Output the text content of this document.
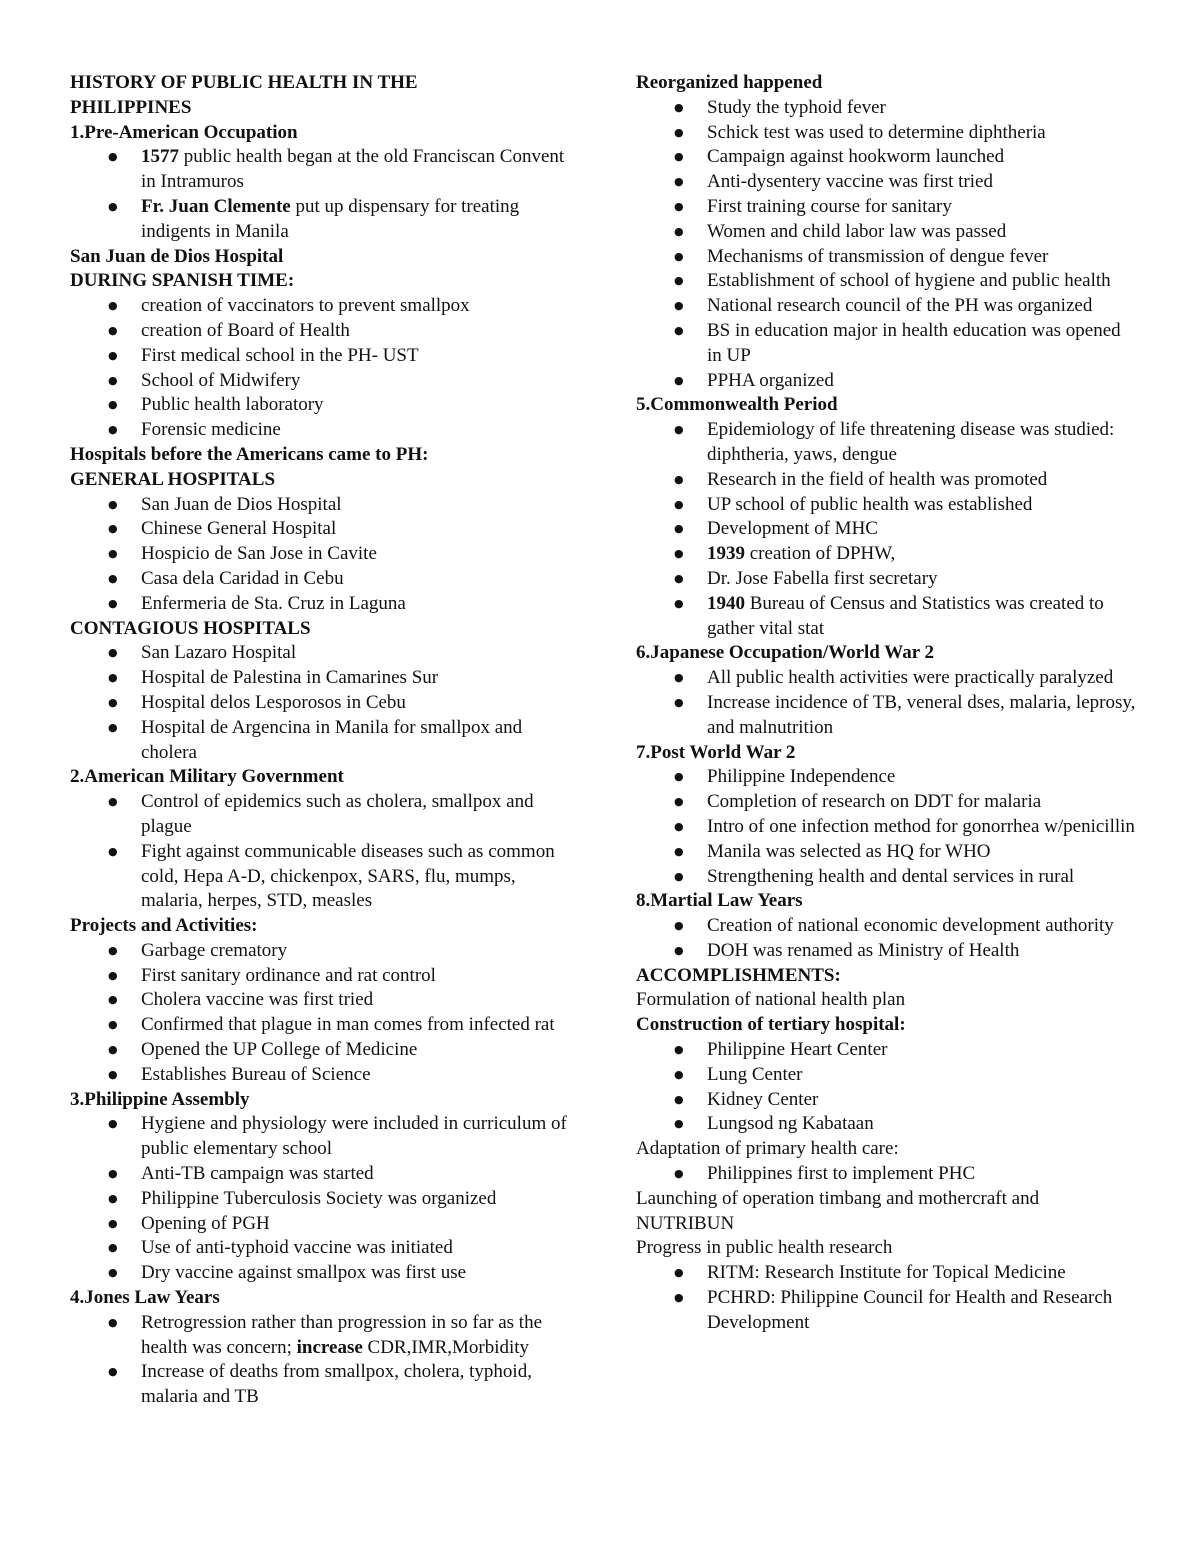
HISTORY OF PUBLIC HEALTH IN THE PHILIPPINES
1.Pre-American Occupation
● 1577 public health began at the old Franciscan Convent in Intramuros
● Fr. Juan Clemente put up dispensary for treating indigents in Manila
San Juan de Dios Hospital
DURING SPANISH TIME:
● creation of vaccinators to prevent smallpox
● creation of Board of Health
● First medical school in the PH- UST
● School of Midwifery
● Public health laboratory
● Forensic medicine
Hospitals before the Americans came to PH:
GENERAL HOSPITALS
● San Juan de Dios Hospital
● Chinese General Hospital
● Hospicio de San Jose in Cavite
● Casa dela Caridad in Cebu
● Enfermeria de Sta. Cruz in Laguna
CONTAGIOUS HOSPITALS
● San Lazaro Hospital
● Hospital de Palestina in Camarines Sur
● Hospital delos Lesporosos in Cebu
● Hospital de Argencina in Manila for smallpox and cholera
2.American Military Government
● Control of epidemics such as cholera, smallpox and plague
● Fight against communicable diseases such as common cold, Hepa A-D, chickenpox, SARS, flu, mumps, malaria, herpes, STD, measles
Projects and Activities:
● Garbage crematory
● First sanitary ordinance and rat control
● Cholera vaccine was first tried
● Confirmed that plague in man comes from infected rat
● Opened the UP College of Medicine
● Establishes Bureau of Science
3.Philippine Assembly
● Hygiene and physiology were included in curriculum of public elementary school
● Anti-TB campaign was started
● Philippine Tuberculosis Society was organized
● Opening of PGH
● Use of anti-typhoid vaccine was initiated
● Dry vaccine against smallpox was first use
4.Jones Law Years
● Retrogression rather than progression in so far as the health was concern; increase CDR,IMR,Morbidity
● Increase of deaths from smallpox, cholera, typhoid, malaria and TB
Reorganized happened
● Study the typhoid fever
● Schick test was used to determine diphtheria
● Campaign against hookworm launched
● Anti-dysentery vaccine was first tried
● First training course for sanitary
● Women and child labor law was passed
● Mechanisms of transmission of dengue fever
● Establishment of school of hygiene and public health
● National research council of the PH was organized
● BS in education major in health education was opened in UP
● PPHA organized
5.Commonwealth Period
● Epidemiology of life threatening disease was studied: diphtheria, yaws, dengue
● Research in the field of health was promoted
● UP school of public health was established
● Development of MHC
● 1939 creation of DPHW,
● Dr. Jose Fabella first secretary
● 1940 Bureau of Census and Statistics was created to gather vital stat
6.Japanese Occupation/World War 2
● All public health activities were practically paralyzed
● Increase incidence of TB, veneral dses, malaria, leprosy, and malnutrition
7.Post World War 2
● Philippine Independence
● Completion of research on DDT for malaria
● Intro of one infection method for gonorrhea w/penicillin
● Manila was selected as HQ for WHO
● Strengthening health and dental services in rural
8.Martial Law Years
● Creation of national economic development authority
● DOH was renamed as Ministry of Health
ACCOMPLISHMENTS:
Formulation of national health plan
Construction of tertiary hospital:
● Philippine Heart Center
● Lung Center
● Kidney Center
● Lungsod ng Kabataan
Adaptation of primary health care:
● Philippines first to implement PHC
Launching of operation timbang and mothercraft and NUTRIBUN
Progress in public health research
● RITM: Research Institute for Topical Medicine
● PCHRD: Philippine Council for Health and Research Development
